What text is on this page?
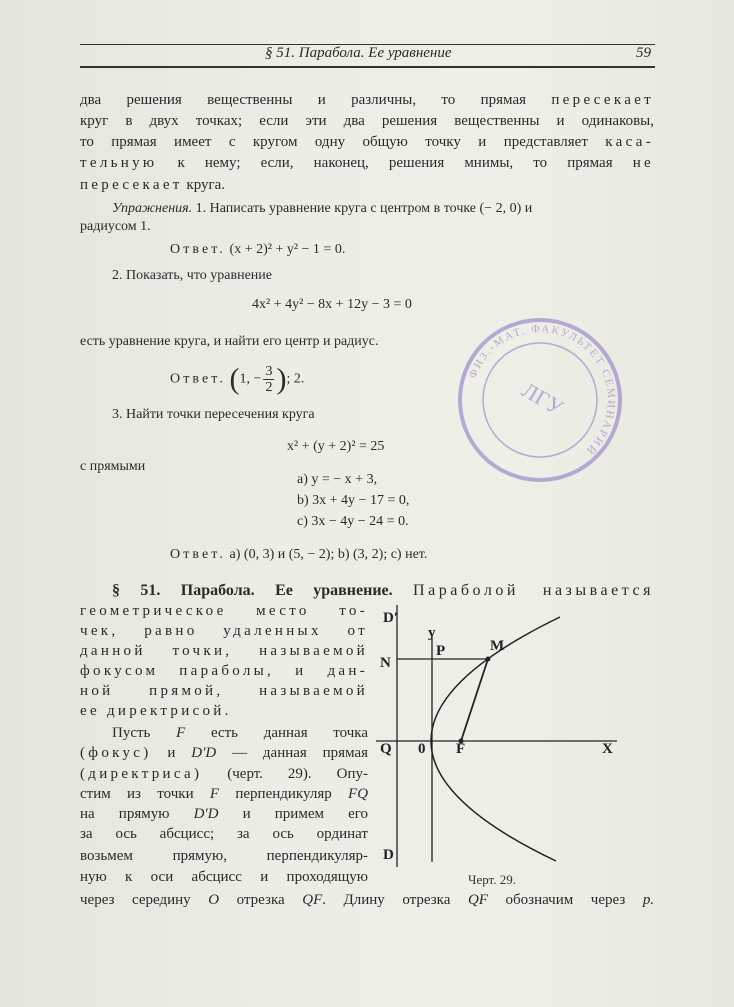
§ 51. Парабола. Ее уравнение	59
два решения вещественны и различны, то прямая пересекает
круг в двух точках; если эти два решения вещественны и одинаковы,
то прямая имеет с кругом одну общую точку и представляет каса-
тельную к нему; если, наконец, решения мнимы, то прямая не
пересекает круга.
Упражнения. 1. Написать уравнение круга с центром в точке (− 2, 0) и
радиусом 1.
Ответ. (x + 2)² + y² − 1 = 0.
2. Показать, что уравнение
4x² + 4y² − 8x + 12y − 3 = 0
есть уравнение круга, и найти его центр и радиус.
Ответ. (1, − $\frac{3}{2}$ ); 2.
3. Найти точки пересечения круга
x² + (y + 2)² = 25
с прямыми
a) y = − x + 3,
b) 3x + 4y − 17 = 0,
c) 3x − 4y − 24 = 0.
Ответ. a) (0, 3) и (5, − 2); b) (3, 2); c) нет.
§ 51. Парабола. Ее уравнение. Параболой называется
геометрическое место то-
чек, равно удаленных от
данной точки, называемой
фокусом параболы, и дан-
ной прямой, называемой
ее директрисой.
Пусть F есть данная точка
(фокус) и D′D — данная прямая
(директриса) (черт. 29). Опу-
стим из точки F перпендикуляр FQ
на прямую D′D и примем его
за ось абсцисс; за ось ординат
возьмем прямую, перпендикуляр-
ную к оси абсцисс и проходящую
через середину O отрезка QF. Длину отрезка QF обозначим через p.
D′
y
M
N
P
Q 0 F	X
D
Черт. 29.
ФИЗ.-МАТ. ФАКУЛЬТЕТ СЕМИНАРИЙ
ЛГУ
